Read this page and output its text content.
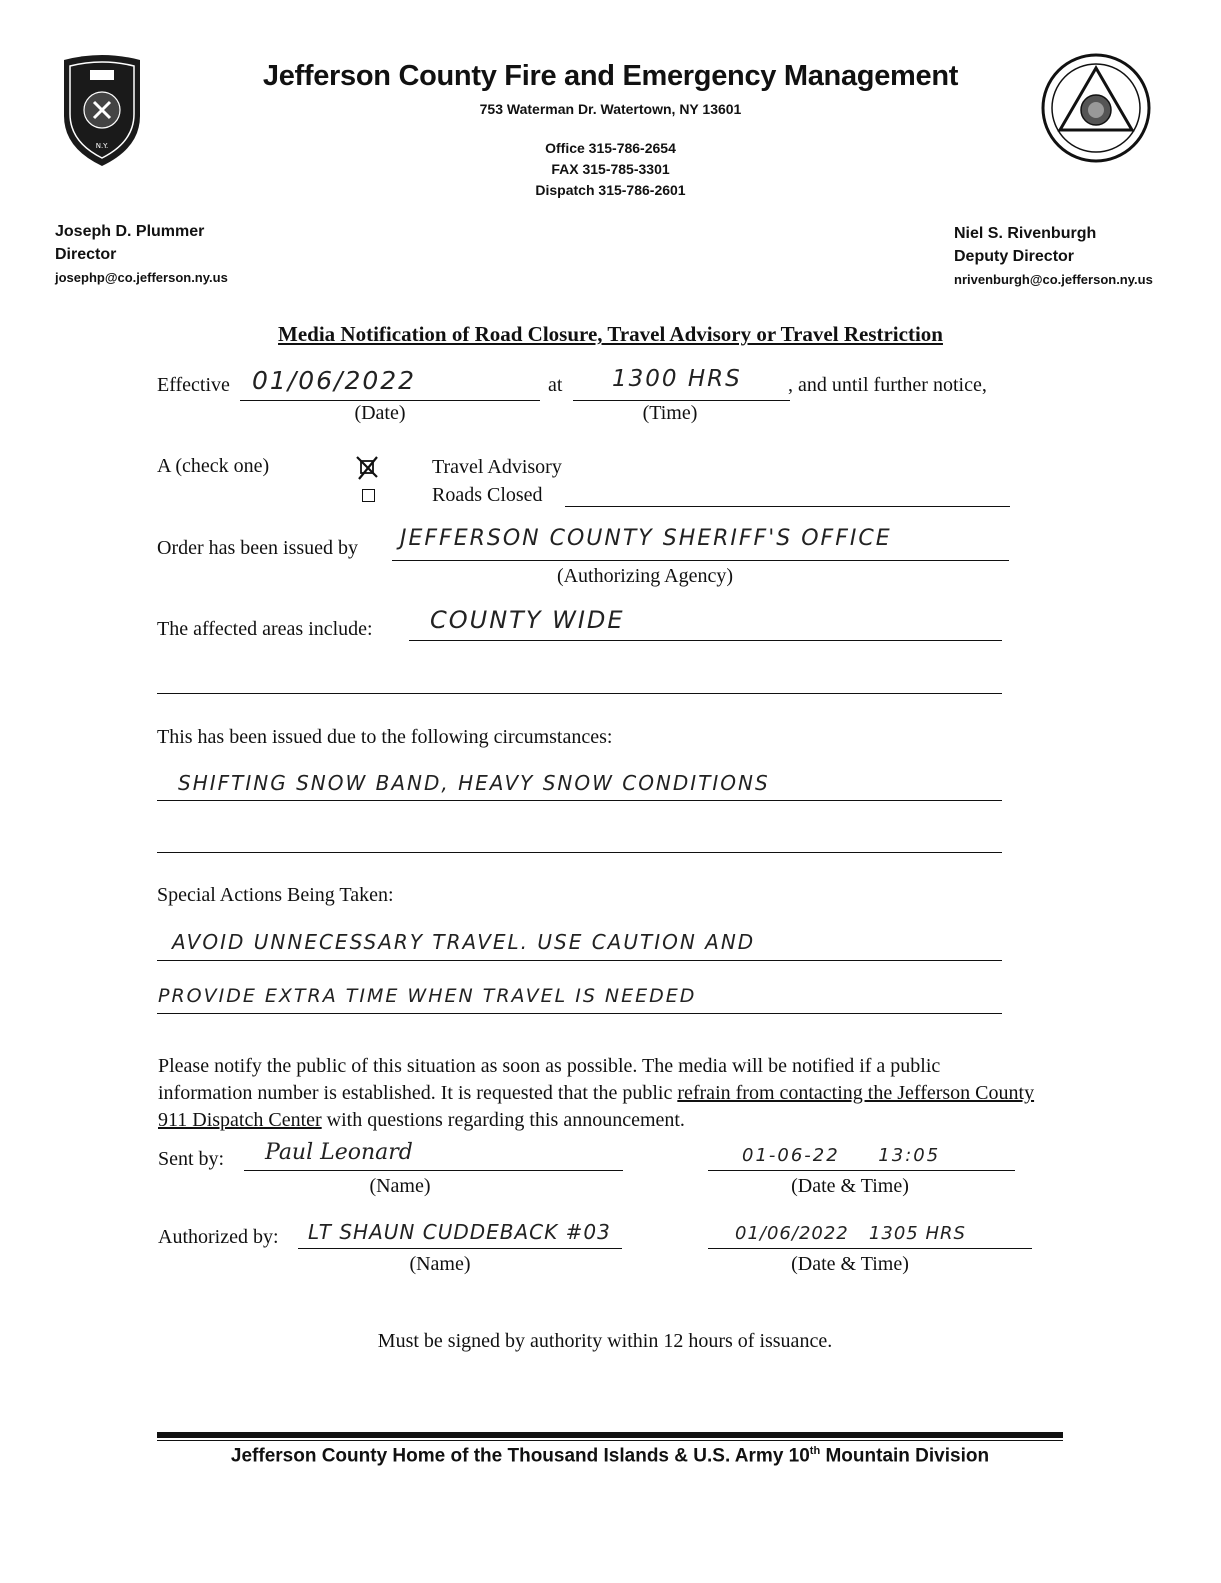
N.Y.
Jefferson County Fire and Emergency Management
753 Waterman Dr. Watertown, NY 13601
Office 315-786-2654
FAX 315-785-3301
Dispatch 315-786-2601
Joseph D. Plummer
Director
josephp@co.jefferson.ny.us
Niel S. Rivenburgh
Deputy Director
nrivenburgh@co.jefferson.ny.us
Media Notification of Road Closure, Travel Advisory or Travel Restriction
Effective 01/06/2022
(Date)
at 1300 HRS
(Time)
, and until further notice,
A (check one)	Travel Advisory
Roads Closed
Order has been issued by JEFFERSON COUNTY SHERIFF'S OFFICE
(Authorizing Agency)
The affected areas include: COUNTY WIDE
This has been issued due to the following circumstances:
SHIFTING SNOW BAND, HEAVY SNOW CONDITIONS
Special Actions Being Taken:
AVOID UNNECESSARY TRAVEL. USE CAUTION AND
PROVIDE EXTRA TIME WHEN TRAVEL IS NEEDED
Please notify the public of this situation as soon as possible. The media will be notified if a public information number is established. It is requested that the public refrain from contacting the Jefferson County 911 Dispatch Center with questions regarding this announcement.
Sent by: Paul Leonard
(Name)
01-06-22     13:05
(Date & Time)
Authorized by: LT SHAUN CUDDEBACK #03
(Name)
01/06/2022   1305 HRS
(Date & Time)
Must be signed by authority within 12 hours of issuance.
Jefferson County Home of the Thousand Islands & U.S. Army 10th Mountain Division
